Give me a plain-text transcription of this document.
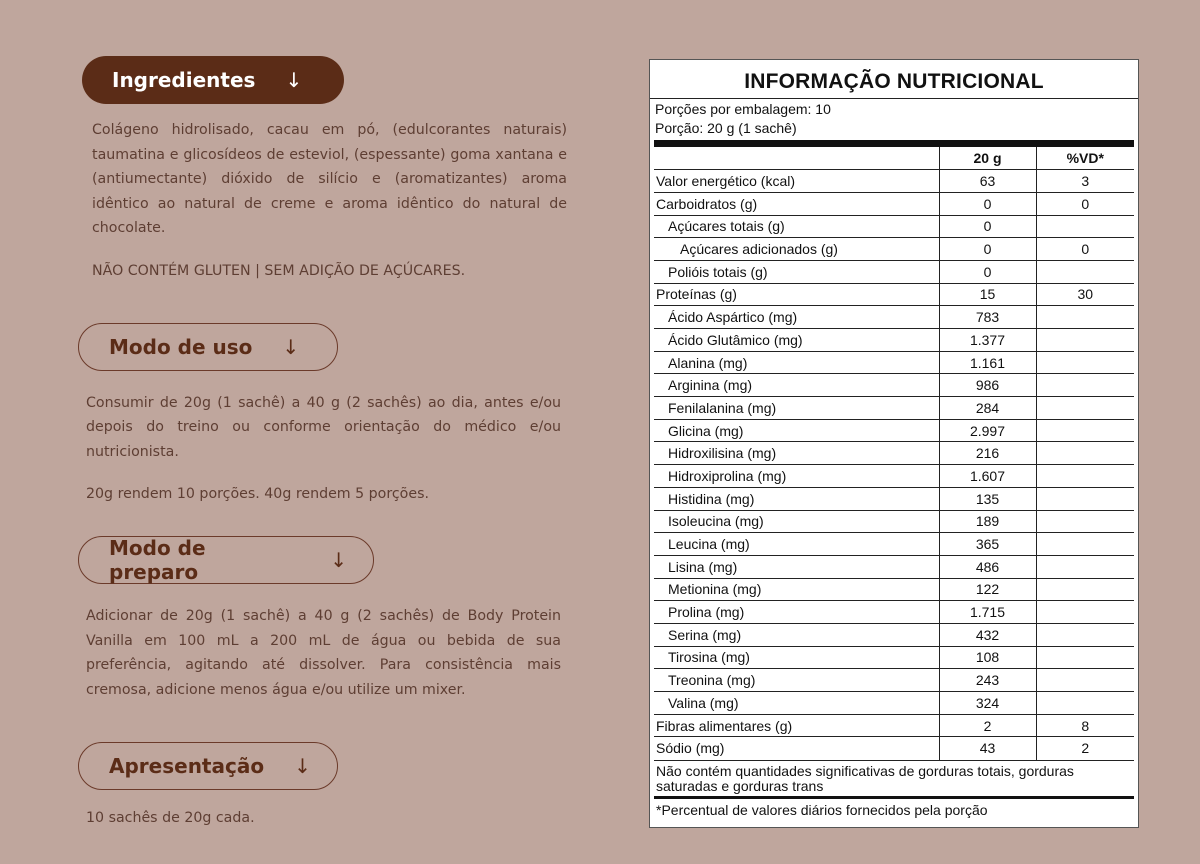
Ingredientes ↓

Colágeno hidrolisado, cacau em pó, (edulcorantes naturais) taumatina e glicosídeos de esteviol, (espessante) goma xantana e (antiumectante) dióxido de silício e (aromatizantes) aroma idêntico ao natural de creme e aroma idêntico do natural de chocolate.

NÃO CONTÉM GLUTEN | SEM ADIÇÃO DE AÇÚCARES.

Modo de uso ↓

Consumir de 20g (1 sachê) a 40 g (2 sachês) ao dia, antes e/ou depois do treino ou conforme orientação do médico e/ou nutricionista.

20g rendem 10 porções. 40g rendem 5 porções.

Modo de preparo	↓

Adicionar de 20g (1 sachê) a 40 g (2 sachês) de Body Protein Vanilla em 100 mL a 200 mL de água ou bebida de sua preferência, agitando até dissolver. Para consistência mais cremosa, adicione menos água e/ou utilize um mixer.

Apresentação ↓

10 sachês de 20g cada.

INFORMAÇÃO NUTRICIONAL
Porções por embalagem: 10
Porção: 20 g (1 sachê)
	20 g	%VD*
Valor energético (kcal)	63	3
Carboidratos (g)	0	0
Açúcares totais (g)	0	
Açúcares adicionados (g)	0	0
Polióis totais (g)	0	
Proteínas (g)	15	30
Ácido Aspártico (mg)	783	
Ácido Glutâmico (mg)	1.377	
Alanina (mg)	1.161	
Arginina (mg)	986	
Fenilalanina (mg)	284	
Glicina (mg)	2.997	
Hidroxilisina (mg)	216	
Hidroxiprolina (mg)	1.607	
Histidina (mg)	135	
Isoleucina (mg)	189	
Leucina (mg)	365	
Lisina (mg)	486	
Metionina (mg)	122	
Prolina (mg)	1.715	
Serina (mg)	432	
Tirosina (mg)	108	
Treonina (mg)	243	
Valina (mg)	324	
Fibras alimentares (g)	2	8
Sódio (mg)	43	2
Não contém quantidades significativas de gorduras totais, gorduras saturadas e gorduras trans
*Percentual de valores diários fornecidos pela porção
